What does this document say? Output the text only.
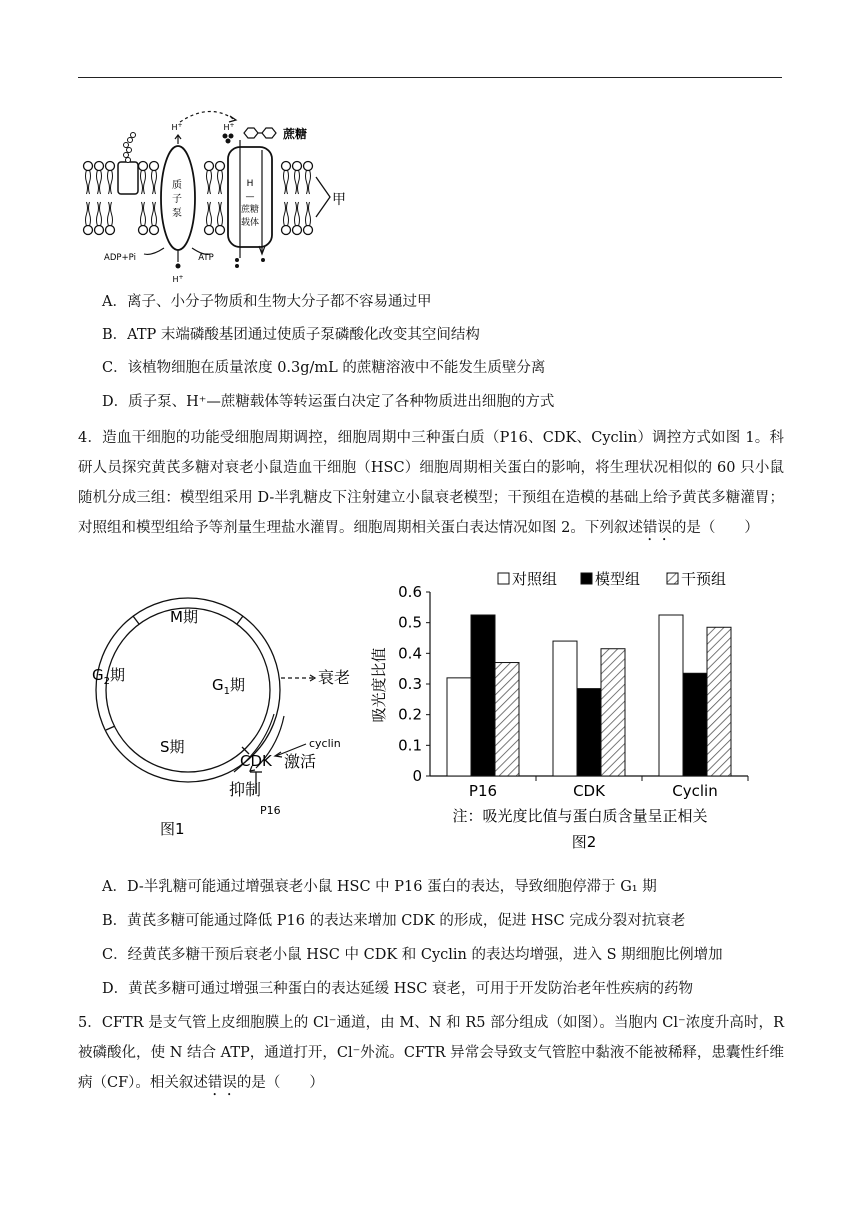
质
子
泵
H
—
蔗糖
载体
H+	H+
蔗糖
H+
ADP+Pi	ATP
甲
A．离子、小分子物质和生物大分子都不容易通过甲
B．ATP 末端磷酸基团通过使质子泵磷酸化改变其空间结构
C．该植物细胞在质量浓度 0.3g/mL 的蔗糖溶液中不能发生质壁分离
D．质子泵、H⁺—蔗糖载体等转运蛋白决定了各种物质进出细胞的方式

4．造血干细胞的功能受细胞周期调控，细胞周期中三种蛋白质（P16、CDK、Cyclin）调控方式如图 1。科研人员探究黄芪多糖对衰老小鼠造血干细胞（HSC）细胞周期相关蛋白的影响，将生理状况相似的 60 只小鼠随机分成三组：模型组采用 D-半乳糖皮下注射建立小鼠衰老模型；干预组在造模的基础上给予黄芪多糖灌胃；对照组和模型组给予等剂量生理盐水灌胃。细胞周期相关蛋白表达情况如图 2。下列叙述错误的是（　　）

M期
$G_2$期
$G_1$期
S期
衰老
cyclin
CDK 激活
抑制
P16
图1
对照组	模型组	干预组
0
0.1
0.2
0.3
0.4
0.5
0.6
P16	CDK	Cyclin
吸光度比值
注：吸光度比值与蛋白质含量呈正相关
图2
A．D-半乳糖可能通过增强衰老小鼠 HSC 中 P16 蛋白的表达，导致细胞停滞于 G₁ 期
B．黄芪多糖可能通过降低 P16 的表达来增加 CDK 的形成，促进 HSC 完成分裂对抗衰老
C．经黄芪多糖干预后衰老小鼠 HSC 中 CDK 和 Cyclin 的表达均增强，进入 S 期细胞比例增加
D．黄芪多糖可通过增强三种蛋白的表达延缓 HSC 衰老，可用于开发防治老年性疾病的药物

5．CFTR 是支气管上皮细胞膜上的 Cl⁻通道，由 M、N 和 R5 部分组成（如图）。当胞内 Cl⁻浓度升高时，R 被磷酸化，使 N 结合 ATP，通道打开，Cl⁻外流。CFTR 异常会导致支气管腔中黏液不能被稀释，患囊性纤维病（CF）。相关叙述错误的是（　　）
